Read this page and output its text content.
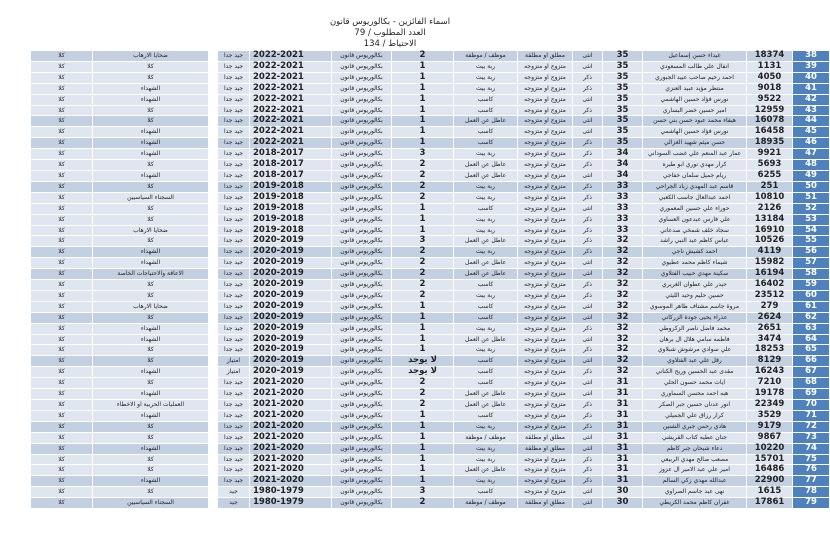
اسماء الفائزين - بكالوريوس قانون
العدد المطلوب / 79
الاحتياط / 134
كلا	ضحايا الارهاب		جيد جدا	2022-2021	بكالوريوس قانون	2	موظف / موظفة	مطلق او مطلقة	انثى	35		غيداء حسن إسماعيل		18374	38
كلا	كلا		جيد جدا	2022-2021	بكالوريوس قانون	1	ربة بيت	متزوج او متزوجه	انثى	35		انفال علي طالب المسعودي		1131	39
كلا	كلا		جيد جدا	2022-2021	بكالوريوس قانون	1	ربة بيت	متزوج او متزوجه	ذكر	35		احمد رحيم صاحب عبيد الجبوري		4050	40
كلا	الشهداء		جيد جدا	2022-2021	بكالوريوس قانون	1	ربة بيت	متزوج او متزوجه	ذكر	35		منتظر مؤيد عبيد العنزي		9018	41
كلا	الشهداء		جيد جدا	2022-2021	بكالوريوس قانون	1	كاسب	متزوج او متزوجه	انثى	35		نورس فؤاد حسين الهاشمي		9522	42
كلا	كلا		جيد جدا	2022-2021	بكالوريوس قانون	1	كاسب	متزوج او متزوجه	ذكر	35		امير حسين خضر البساري		12959	43
كلا	كلا		جيد جدا	2022-2021	بكالوريوس قانون	1	عاطل عن العمل	متزوج او متزوجه	انثى	35		هيفاء محمد عبود حسن بني حسن		16078	44
كلا	الشهداء		جيد جدا	2022-2021	بكالوريوس قانون	1	كاسب	متزوج او متزوجه	انثى	35		نورس فؤاد حسين الهاشمي		16458	45
كلا	الشهداء		جيد جدا	2022-2021	بكالوريوس قانون	1	كاسب	متزوج او متزوجه	ذكر	35		حسن ميثم شهيد الغزالي		18935	46
كلا	الشهداء		جيد جدا	2018-2017	بكالوريوس قانون	3	ربة بيت	متزوج او متزوجه	ذكر	34		عمار عبد المنعم علي غضب السوداني		9921	47
كلا	كلا		جيد جدا	2018-2017	بكالوريوس قانون	2	عاطل عن العمل	متزوج او متزوجه	ذكر	34		كرار مهدي نوري ابو طبره		5693	48
كلا	الشهداء		جيد جدا	2018-2017	بكالوريوس قانون	2	عاطل عن العمل	متزوج او متزوجه	انثى	34		ريام جميل سلمان خفاجي		6255	49
كلا	كلا		جيد جدا	2019-2018	بكالوريوس قانون	2	ربة بيت	متزوج او متزوجه	ذكر	33		قاسم عبد المهدي زباد الجراحي		251	50
كلا	السجناء السياسيين		جيد جدا	2019-2018	بكالوريوس قانون	2	ربة بيت	متزوج او متزوجه	ذكر	33		احمد عبدالعال جاسب الكعبي		10810	51
كلا	كلا		جيد جدا	2019-2018	بكالوريوس قانون	1	كاسب	متزوج او متزوجه	انثى	33		حوراء علي حسين المعموري		2126	52
كلا	كلا		جيد جدا	2019-2018	بكالوريوس قانون	1	ربة بيت	متزوج او متزوجه	ذكر	33		علي فارس عبدعون العساوي		13184	53
كلا	ضحايا الارهاب		جيد جدا	2019-2018	بكالوريوس قانون	1	ربة بيت	متزوج او متزوجه	ذكر	33		سجاد خلف شمخي صدعاني		16910	54
كلا	كلا		جيد جدا	2020-2019	بكالوريوس قانون	3	عاطل عن العمل	متزوج او متزوجه	ذكر	32		عباس كاظم عبد النبي راشد		10526	55
كلا	الشهداء		جيد جدا	2020-2019	بكالوريوس قانون	2	ربة بيت	متزوج او متزوجه	ذكر	32		احمد كشيش ناجي		4119	56
كلا	الشهداء		جيد جدا	2020-2019	بكالوريوس قانون	2	عاطل عن العمل	متزوج او متزوجه	انثى	32		شيماء كاظم محمد عطيوي		15982	57
كلا	الاعاقة والاحتياجات الخاصة		جيد جدا	2020-2019	بكالوريوس قانون	2	عاطل عن العمل	متزوج او متزوجه	انثى	32		سكينة مهدي حبيب الفتلاوي		16194	58
كلا	كلا		جيد جدا	2020-2019	بكالوريوس قانون	2	كاسب	متزوج او متزوجه	ذكر	32		حيدر علي عطوان الغريري		16402	59
كلا	كلا		جيد جدا	2020-2019	بكالوريوس قانون	2	ربة بيت	متزوج او متزوجه	ذكر	32		حسين حليم وحيد الليثي		23512	60
كلا	ضحايا الارهاب		جيد جدا	2020-2019	بكالوريوس قانون	1	كاسب	متزوج او متزوجه	انثى	32		مروة جاسم مشتاف طاهر الموسوي		279	61
كلا	كلا		جيد جدا	2020-2019	بكالوريوس قانون	1	كاسب	متزوج او متزوجه	انثى	32		عذراء يحيى جودة الزركاني		2624	62
كلا	الشهداء		جيد جدا	2020-2019	بكالوريوس قانون	1	ربة بيت	متزوج او متزوجه	ذكر	32		محمد فاضل ناصر الزكروطي		2651	63
كلا	الشهداء		جيد جدا	2020-2019	بكالوريوس قانون	1	عاطل عن العمل	متزوج او متزوجه	انثى	32		فاطمه سامي هلال ال برهان		3474	64
كلا	كلا		جيد جدا	2020-2019	بكالوريوس قانون	1	ربة بيت	متزوج او متزوجه	ذكر	32		علي سوادي مرشوش شبلاوي		18253	65
كلا	كلا		امتياز	2020-2019	بكالوريوس قانون	لا يوجد	كاسب	متزوج او متزوجه	انثى	32		رقل علي عبد الفتلاوي		8129	66
كلا	الشهداء		امتياز	2020-2019	بكالوريوس قانون	لا يوجد	كاسب	متزوج او متزوجه	ذكر	32		مقدى عبد الحسين وريح الكناني		16243	67
كلا	كلا		جيد جدا	2021-2020	بكالوريوس قانون	2	كاسب	متزوج او متزوجه	انثى	31		ايات محمد حسون الحلي		7210	68
كلا	الشهداء		جيد جدا	2021-2020	بكالوريوس قانون	2	عاطل عن العمل	متزوج او متزوجه	انثى	31		هبه احمد محسن السماوري		19178	69
كلا	العمليات الحربية او الاخطاء		جيد جدا	2021-2020	بكالوريوس قانون	2	عاطل عن العمل	متزوج او متزوجه	ذكر	31		انور عدنان حسين جبر الصكر		22349	70
كلا	الشهداء		جيد جدا	2021-2020	بكالوريوس قانون	1	كاسب	متزوج او متزوجه	ذكر	31		كرار رزاق علي الجميلي		3529	71
كلا	كلا		جيد جدا	2021-2020	بكالوريوس قانون	1	ربة بيت	متزوج او متزوجه	ذكر	31		هادي رحمن جبري الشنين		9179	72
كلا	كلا		جيد جدا	2021-2020	بكالوريوس قانون	1	موظف / موظفة	مطلق او مطلقة	انثى	31		جنان عطيه كتاب القريشي		9867	73
كلا	الشهداء		جيد جدا	2021-2020	بكالوريوس قانون	1	ربة بيت	مطلق او مطلقة	انثى	31		دعاء شيحان جبر كاظم		10220	74
كلا	كلا		جيد جدا	2021-2020	بكالوريوس قانون	1	ربة بيت	متزوج او متزوجه	ذكر	31		مصعب صالح مهدي الربيعي		15701	75
كلا	كلا		جيد جدا	2021-2020	بكالوريوس قانون	1	عاطل عن العمل	متزوج او متزوجه	ذكر	31		امير علي عبد الامير ال عزوز		16486	76
كلا	الشهداء		جيد جدا	2021-2020	بكالوريوس قانون	1	ربة بيت	متزوج او متزوجه	ذكر	31		عبدالله مهدي زكي السالم		22900	77
كلا	كلا		جيد	1980-1979	بكالوريوس قانون	3	كاسب	متزوج او متزوجه	انثى	30		نهى عبد جاسم الصراوي		1615	78
كلا	السجناء السياسيين		جيد	1980-1979	بكالوريوس قانون	2	موظف / موظفة	مطلق او مطلقة	انثى	30		غفران كاظم محمد الكريطي		17861	79
